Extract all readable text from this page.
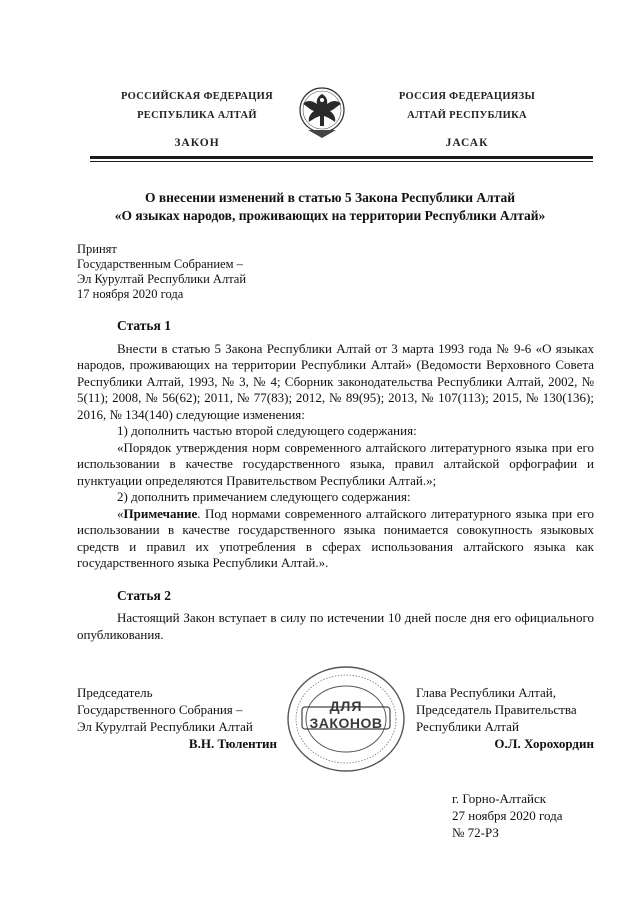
РОССИЙСКАЯ ФЕДЕРАЦИЯ
РЕСПУБЛИКА АЛТАЙ
ЗАКОН
РОССИЯ ФЕДЕРАЦИЯЗЫ
АЛТАЙ РЕСПУБЛИКА
JАСАК
О внесении изменений в статью 5 Закона Республики Алтай
«О языках народов, проживающих на территории Республики Алтай»
Принят
Государственным Собранием –
Эл Курултай Республики Алтай
17 ноября 2020 года
Статья 1

Внести в статью 5 Закона Республики Алтай от 3 марта 1993 года № 9-6 «О языках народов, проживающих на территории Республики Алтай» (Ведомости Верховного Совета Республики Алтай, 1993, № 3, № 4; Сборник законодательства Республики Алтай, 2002, № 5(11); 2008, № 56(62); 2011, № 77(83); 2012, № 89(95); 2013, № 107(113); 2015, № 130(136); 2016, № 134(140) следующие изменения:

1) дополнить частью второй следующего содержания:

«Порядок утверждения норм современного алтайского литературного языка при его использовании в качестве государственного языка, правил алтайской орфографии и пунктуации определяются Правительством Республики Алтай.»;

2) дополнить примечанием следующего содержания:

«Примечание. Под нормами современного алтайского литературного языка при его использовании в качестве государственного языка понимается совокупность языковых средств и правил их употребления в сферах использования алтайского языка как государственного языка Республики Алтай.».

Статья 2

Настоящий Закон вступает в силу по истечении 10 дней после дня его официального опубликования.

Председатель
Государственного Собрания –
Эл Курултай Республики Алтай
В.Н. Тюлентин
ДЛЯ
ЗАКОНОВ
Глава Республики Алтай,
Председатель Правительства
Республики Алтай
О.Л. Хорохордин
г. Горно-Алтайск
27 ноября 2020 года
№ 72-РЗ
